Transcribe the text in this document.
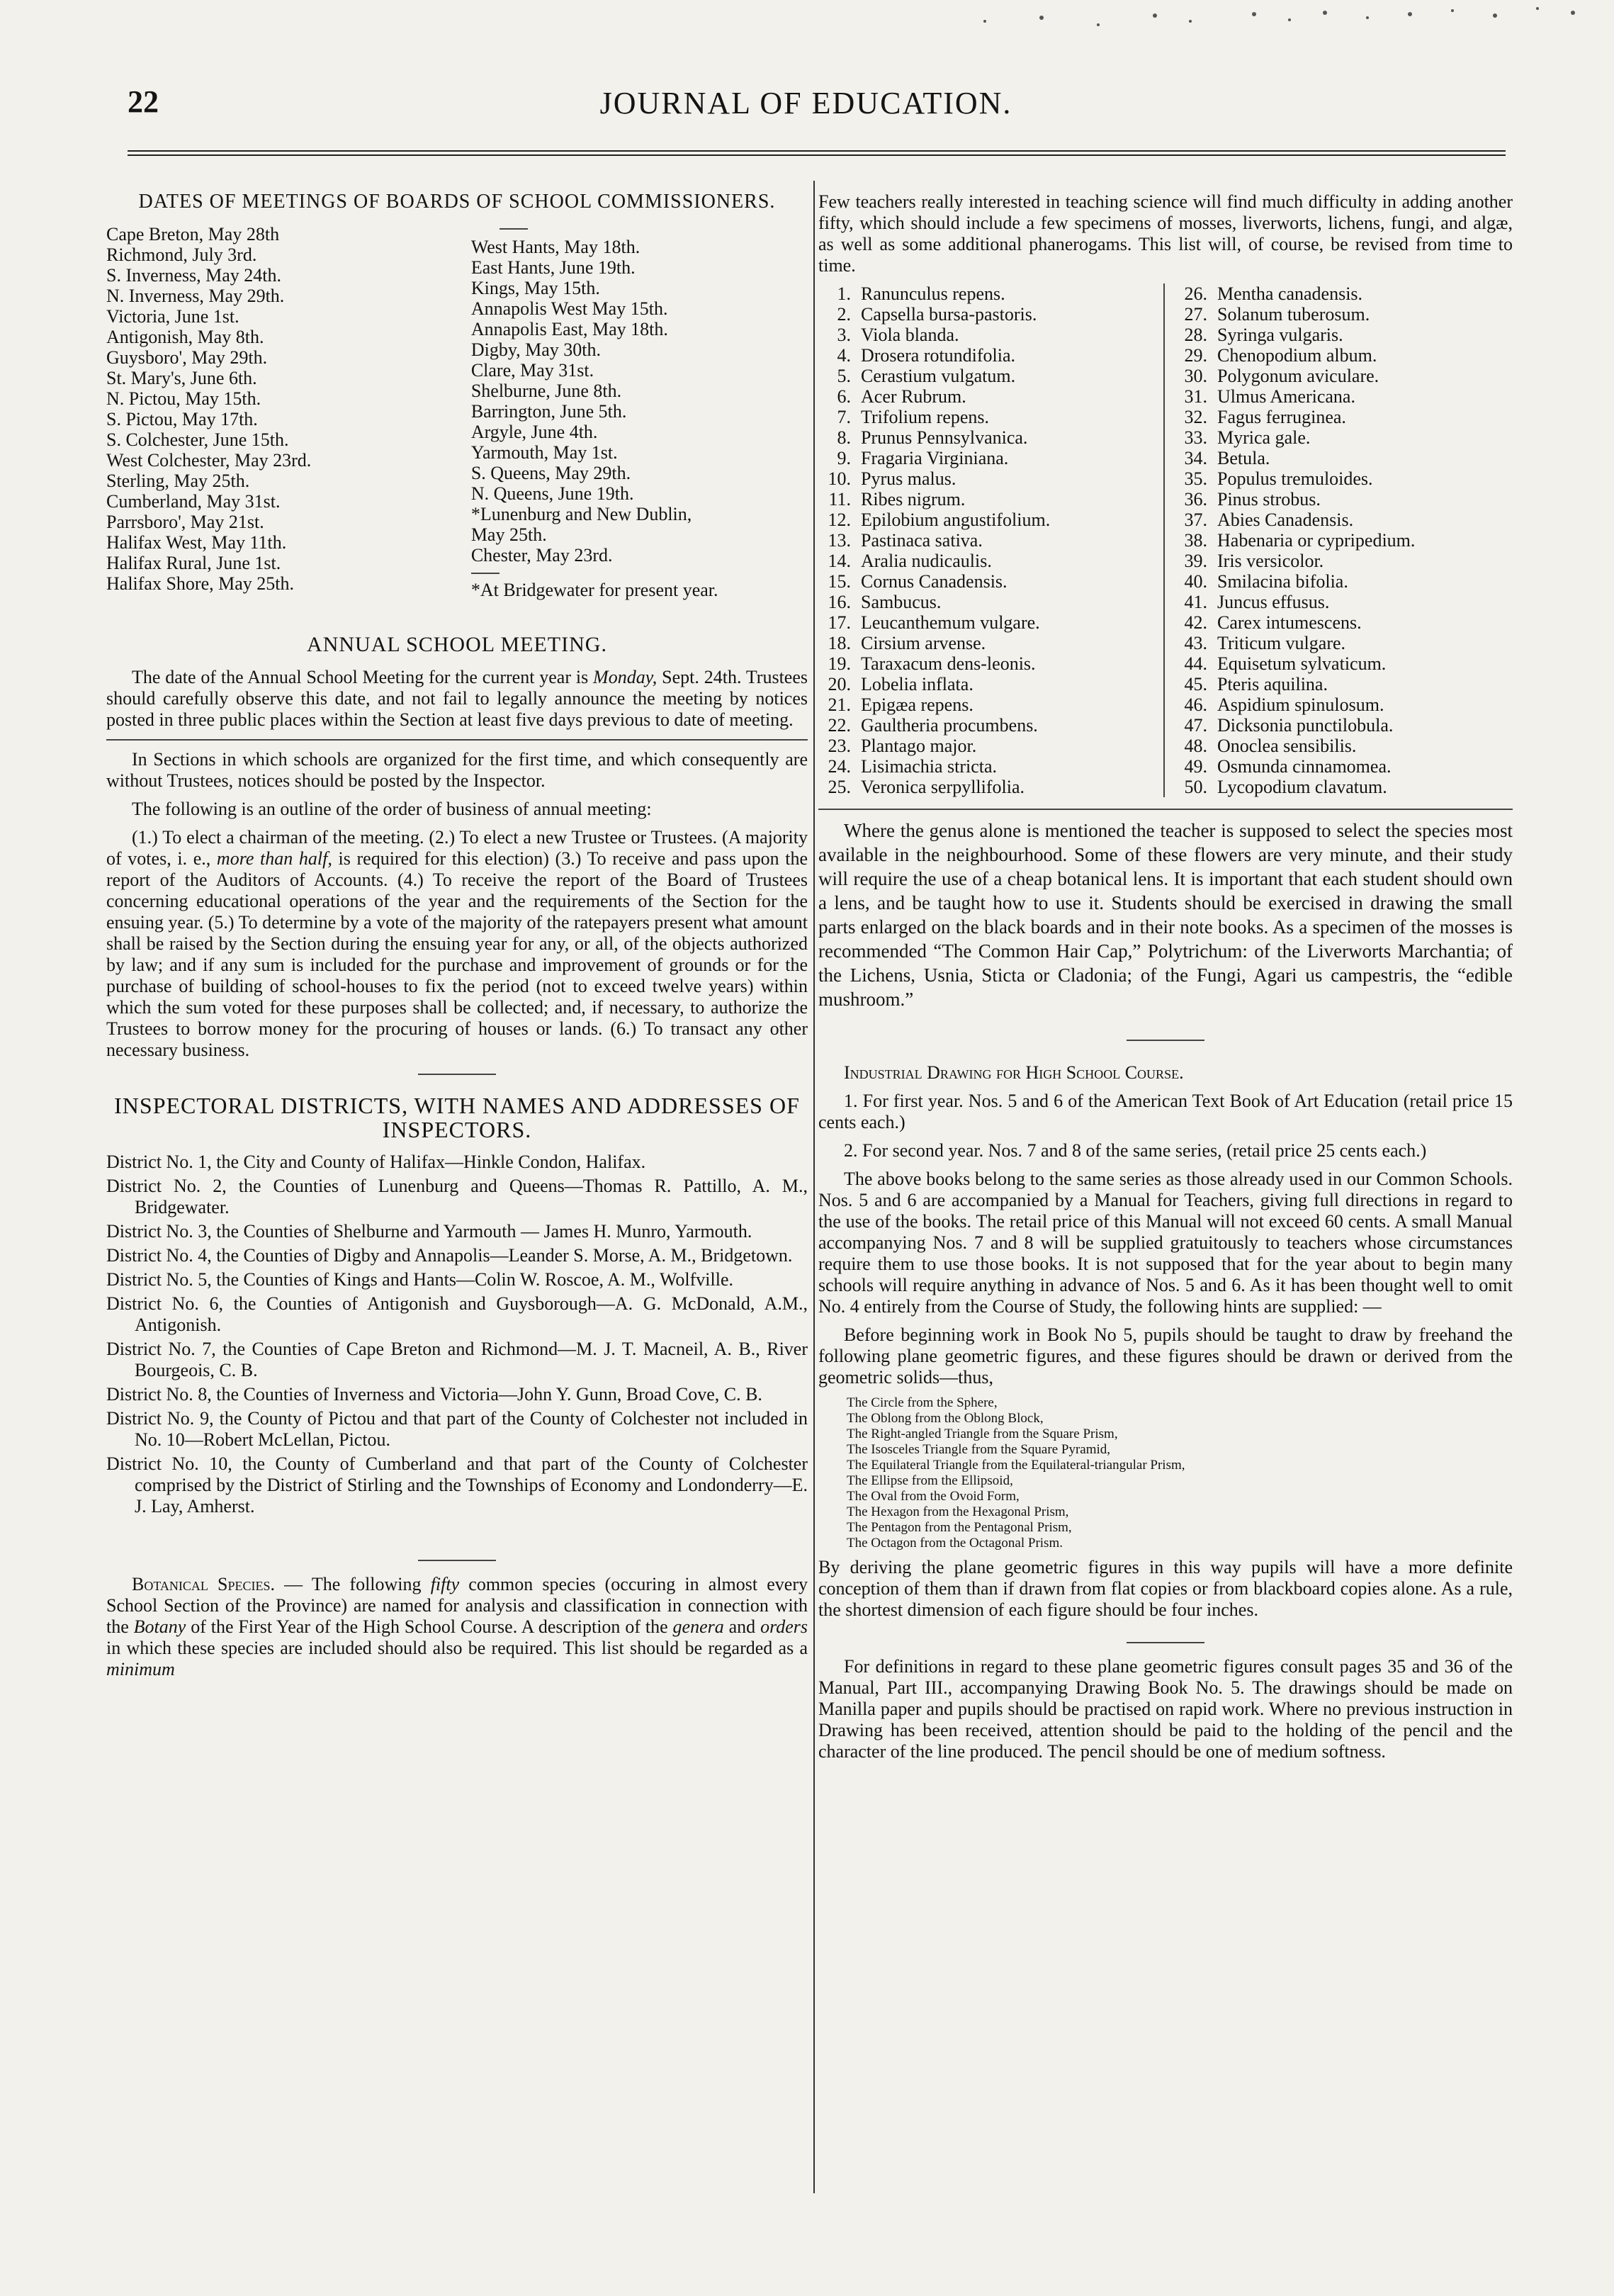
22	JOURNAL OF EDUCATION.
DATES OF MEETINGS OF BOARDS OF SCHOOL COMMISSIONERS.
Cape Breton, May 28th
Richmond, July 3rd.
S. Inverness, May 24th.
N. Inverness, May 29th.
Victoria, June 1st.
Antigonish, May 8th.
Guysboro', May 29th.
St. Mary's, June 6th.
N. Pictou, May 15th.
S. Pictou, May 17th.
S. Colchester, June 15th.
West Colchester, May 23rd.
Sterling, May 25th.
Cumberland, May 31st.
Parrsboro', May 21st.
Halifax West, May 11th.
Halifax Rural, June 1st.
Halifax Shore, May 25th.
West Hants, May 18th.
East Hants, June 19th.
Kings, May 15th.
Annapolis West May 15th.
Annapolis East, May 18th.
Digby, May 30th.
Clare, May 31st.
Shelburne, June 8th.
Barrington, June 5th.
Argyle, June 4th.
Yarmouth, May 1st.
S. Queens, May 29th.
N. Queens, June 19th.
*Lunenburg and New Dublin,
May 25th.
Chester, May 23rd.
*At Bridgewater for present year.
ANNUAL SCHOOL MEETING.

The date of the Annual School Meeting for the current year is Monday, Sept. 24th. Trustees should carefully observe this date, and not fail to legally announce the meeting by notices posted in three public places within the Section at least five days previous to date of meeting.

In Sections in which schools are organized for the first time, and which consequently are without Trustees, notices should be posted by the Inspector.

The following is an outline of the order of business of annual meeting:

(1.) To elect a chairman of the meeting. (2.) To elect a new Trustee or Trustees. (A majority of votes, i. e., more than half, is required for this election) (3.) To receive and pass upon the report of the Auditors of Accounts. (4.) To receive the report of the Board of Trustees concerning educational operations of the year and the requirements of the Section for the ensuing year. (5.) To determine by a vote of the majority of the ratepayers present what amount shall be raised by the Section during the ensuing year for any, or all, of the objects authorized by law; and if any sum is included for the purchase and improvement of grounds or for the purchase of building of school-houses to fix the period (not to exceed twelve years) within which the sum voted for these purposes shall be collected; and, if necessary, to authorize the Trustees to borrow money for the procuring of houses or lands. (6.) To transact any other necessary business.

INSPECTORAL DISTRICTS, WITH NAMES AND ADDRESSES OF INSPECTORS.
District No. 1, the City and County of Halifax—Hinkle Condon, Halifax.
District No. 2, the Counties of Lunenburg and Queens—Thomas R. Pattillo, A. M., Bridgewater.
District No. 3, the Counties of Shelburne and Yarmouth — James H. Munro, Yarmouth.
District No. 4, the Counties of Digby and Annapolis—Leander S. Morse, A. M., Bridgetown.
District No. 5, the Counties of Kings and Hants—Colin W. Roscoe, A. M., Wolfville.
District No. 6, the Counties of Antigonish and Guysborough—A. G. McDonald, A.M., Antigonish.
District No. 7, the Counties of Cape Breton and Richmond—M. J. T. Macneil, A. B., River Bourgeois, C. B.
District No. 8, the Counties of Inverness and Victoria—John Y. Gunn, Broad Cove, C. B.
District No. 9, the County of Pictou and that part of the County of Colchester not included in No. 10—Robert McLellan, Pictou.
District No. 10, the County of Cumberland and that part of the County of Colchester comprised by the District of Stirling and the Townships of Economy and Londonderry—E. J. Lay, Amherst.

Botanical Species. — The following fifty common species (occuring in almost every School Section of the Province) are named for analysis and classification in connection with the Botany of the First Year of the High School Course. A description of the genera and orders in which these species are included should also be required. This list should be regarded as a minimum

Few teachers really interested in teaching science will find much difficulty in adding another fifty, which should include a few specimens of mosses, liverworts, lichens, fungi, and algæ, as well as some additional phanerogams. This list will, of course, be revised from time to time.

1. Ranunculus repens.
2. Capsella bursa-pastoris.
3. Viola blanda.
4. Drosera rotundifolia.
5. Cerastium vulgatum.
6. Acer Rubrum.
7. Trifolium repens.
8. Prunus Pennsylvanica.
9. Fragaria Virginiana.
10. Pyrus malus.
11. Ribes nigrum.
12. Epilobium angustifolium.
13. Pastinaca sativa.
14. Aralia nudicaulis.
15. Cornus Canadensis.
16. Sambucus.
17. Leucanthemum vulgare.
18. Cirsium arvense.
19. Taraxacum dens-leonis.
20. Lobelia inflata.
21. Epigæa repens.
22. Gaultheria procumbens.
23. Plantago major.
24. Lisimachia stricta.
25. Veronica serpyllifolia.
26. Mentha canadensis.
27. Solanum tuberosum.
28. Syringa vulgaris.
29. Chenopodium album.
30. Polygonum aviculare.
31. Ulmus Americana.
32. Fagus ferruginea.
33. Myrica gale.
34. Betula.
35. Populus tremuloides.
36. Pinus strobus.
37. Abies Canadensis.
38. Habenaria or cypripedium.
39. Iris versicolor.
40. Smilacina bifolia.
41. Juncus effusus.
42. Carex intumescens.
43. Triticum vulgare.
44. Equisetum sylvaticum.
45. Pteris aquilina.
46. Aspidium spinulosum.
47. Dicksonia punctilobula.
48. Onoclea sensibilis.
49. Osmunda cinnamomea.
50. Lycopodium clavatum.

Where the genus alone is mentioned the teacher is supposed to select the species most available in the neighbourhood. Some of these flowers are very minute, and their study will require the use of a cheap botanical lens. It is important that each student should own a lens, and be taught how to use it. Students should be exercised in drawing the small parts enlarged on the black boards and in their note books. As a specimen of the mosses is recommended “The Common Hair Cap,” Polytrichum: of the Liverworts Marchantia; of the Lichens, Usnia, Sticta or Cladonia; of the Fungi, Agari us campestris, the “edible mushroom.”

Industrial Drawing for High School Course.

1. For first year. Nos. 5 and 6 of the American Text Book of Art Education (retail price 15 cents each.)

2. For second year. Nos. 7 and 8 of the same series, (retail price 25 cents each.)

The above books belong to the same series as those already used in our Common Schools. Nos. 5 and 6 are accompanied by a Manual for Teachers, giving full directions in regard to the use of the books. The retail price of this Manual will not exceed 60 cents. A small Manual accompanying Nos. 7 and 8 will be supplied gratuitously to teachers whose circumstances require them to use those books. It is not supposed that for the year about to begin many schools will require anything in advance of Nos. 5 and 6. As it has been thought well to omit No. 4 entirely from the Course of Study, the following hints are supplied: —

Before beginning work in Book No 5, pupils should be taught to draw by freehand the following plane geometric figures, and these figures should be drawn or derived from the geometric solids—thus,

The Circle from the Sphere,
The Oblong from the Oblong Block,
The Right-angled Triangle from the Square Prism,
The Isosceles Triangle from the Square Pyramid,
The Equilateral Triangle from the Equilateral-triangular Prism,
The Ellipse from the Ellipsoid,
The Oval from the Ovoid Form,
The Hexagon from the Hexagonal Prism,
The Pentagon from the Pentagonal Prism,
The Octagon from the Octagonal Prism.

By deriving the plane geometric figures in this way pupils will have a more definite conception of them than if drawn from flat copies or from blackboard copies alone. As a rule, the shortest dimension of each figure should be four inches.

For definitions in regard to these plane geometric figures consult pages 35 and 36 of the Manual, Part III., accompanying Drawing Book No. 5. The drawings should be made on Manilla paper and pupils should be practised on rapid work. Where no previous instruction in Drawing has been received, attention should be paid to the holding of the pencil and the character of the line produced. The pencil should be one of medium softness.
